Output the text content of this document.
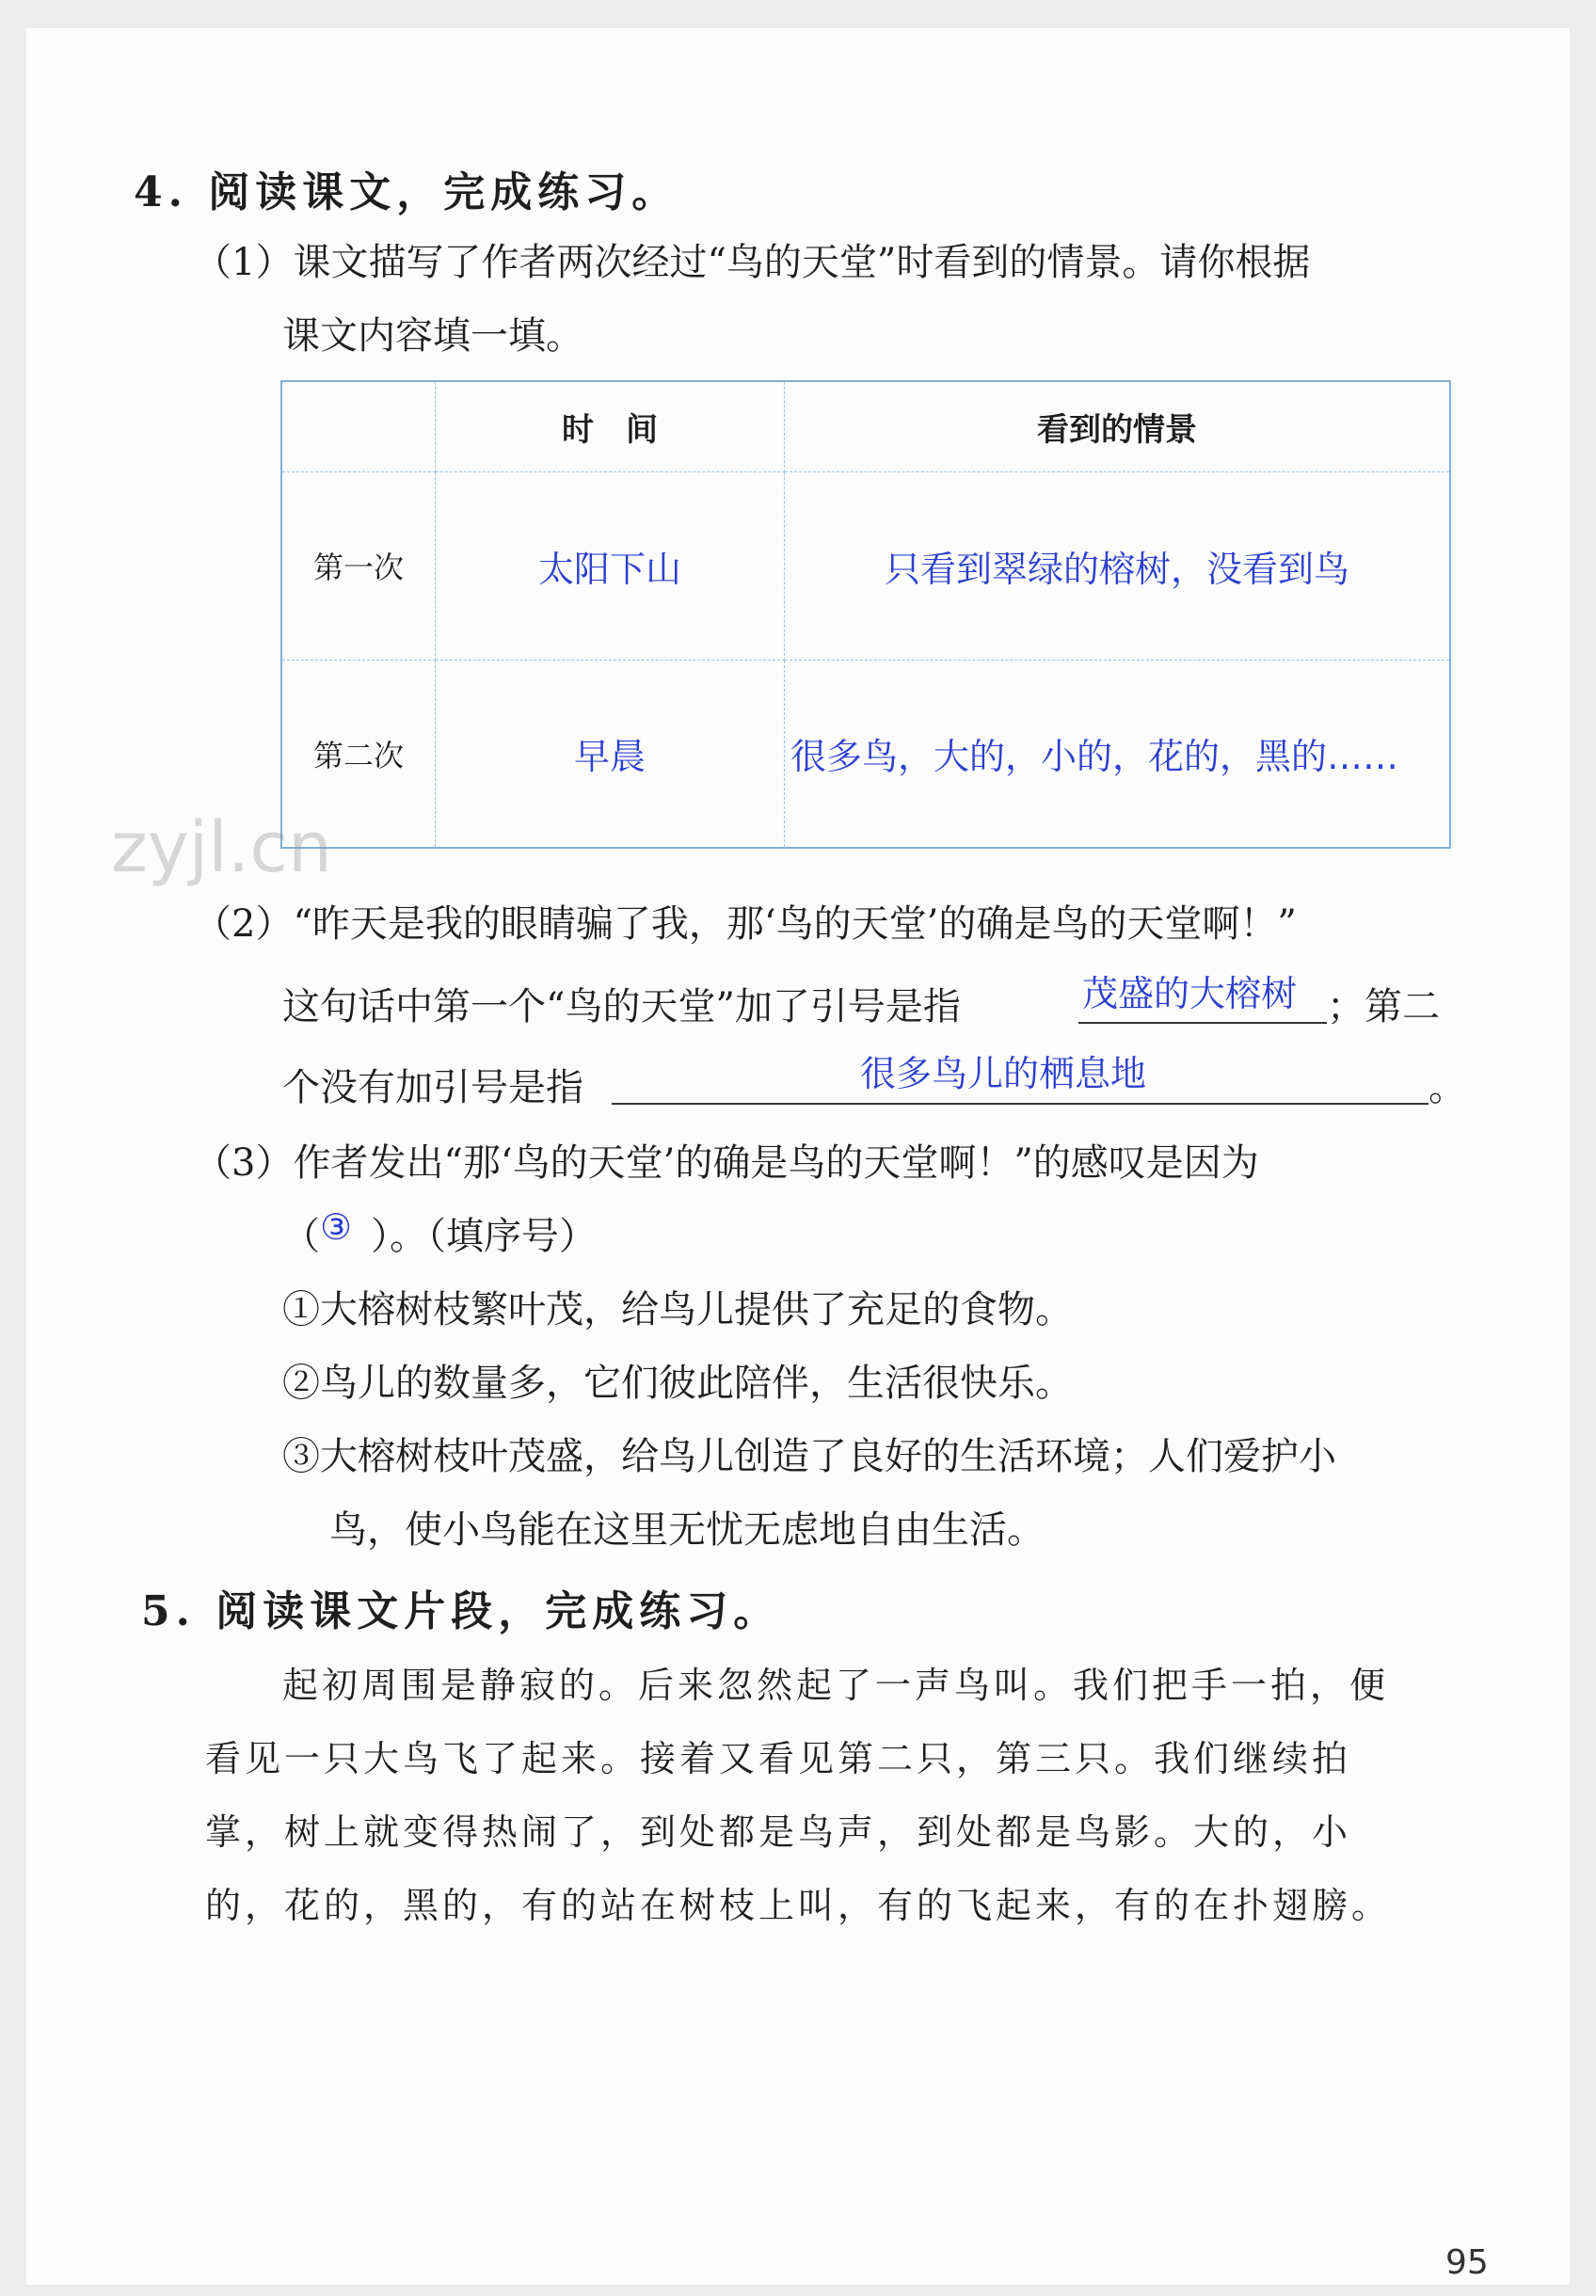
4. 阅读课文，完成练习。
（1）课文描写了作者两次经过“鸟的天堂”时看到的情景。请你根据
课文内容填一填。
	时　间	看到的情景
第一次	太阳下山	只看到翠绿的榕树，没看到鸟
第二次	早晨	很多鸟，大的，小的，花的，黑的……
zyjl.cn
（2）“昨天是我的眼睛骗了我，那‘鸟的天堂’的确是鸟的天堂啊！”
这句话中第一个“鸟的天堂”加了引号是指	茂盛的大榕树 ；第二
个没有加引号是指	很多鸟儿的栖息地	。
（3）作者发出“那‘鸟的天堂’的确是鸟的天堂啊！”的感叹是因为
（ ③ ）。（填序号）
①大榕树枝繁叶茂，给鸟儿提供了充足的食物。
②鸟儿的数量多，它们彼此陪伴，生活很快乐。
③大榕树枝叶茂盛，给鸟儿创造了良好的生活环境；人们爱护小
鸟，使小鸟能在这里无忧无虑地自由生活。
5. 阅读课文片段，完成练习。
起初周围是静寂的。后来忽然起了一声鸟叫。我们把手一拍，便
看见一只大鸟飞了起来。接着又看见第二只，第三只。我们继续拍
掌，树上就变得热闹了，到处都是鸟声，到处都是鸟影。大的，小
的，花的，黑的，有的站在树枝上叫，有的飞起来，有的在扑翅膀。
95
